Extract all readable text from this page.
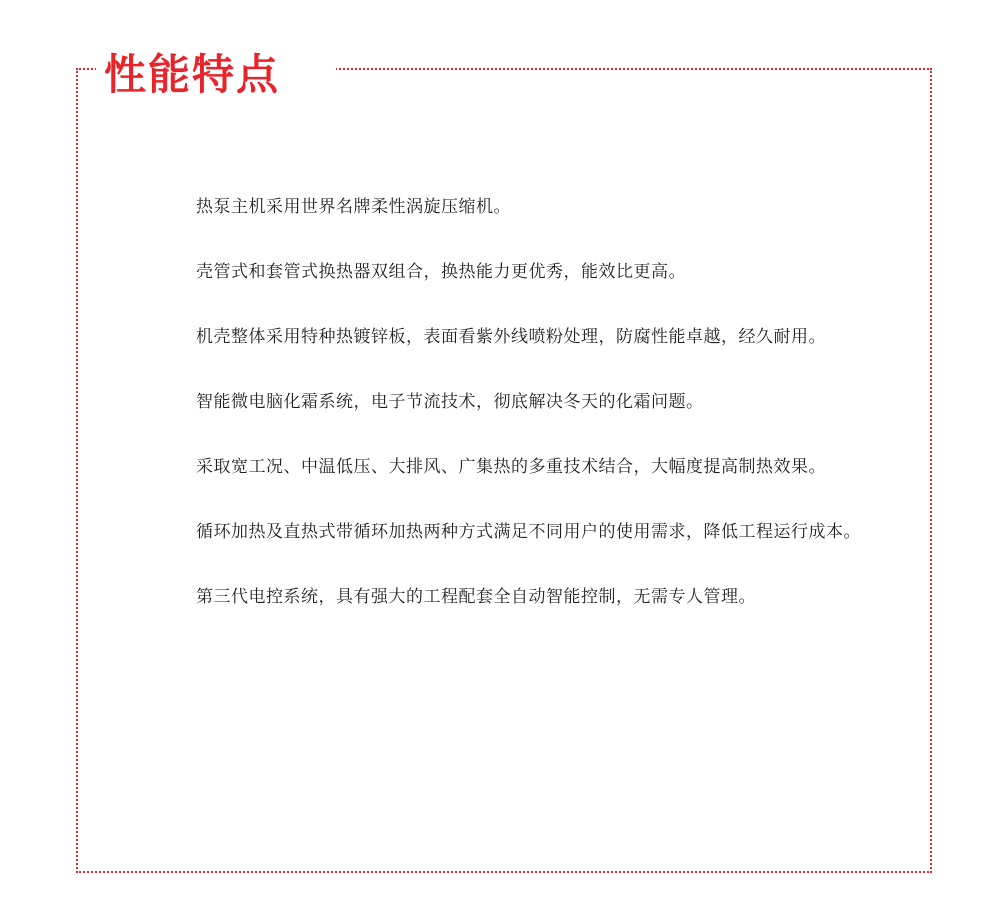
性能特点

热泵主机采用世界名牌柔性涡旋压缩机。

壳管式和套管式换热器双组合，换热能力更优秀，能效比更高。

机壳整体采用特种热镀锌板，表面看紫外线喷粉处理，防腐性能卓越，经久耐用。

智能微电脑化霜系统，电子节流技术，彻底解决冬天的化霜问题。

采取宽工况、中温低压、大排风、广集热的多重技术结合，大幅度提高制热效果。

循环加热及直热式带循环加热两种方式满足不同用户的使用需求，降低工程运行成本。

第三代电控系统，具有强大的工程配套全自动智能控制，无需专人管理。
